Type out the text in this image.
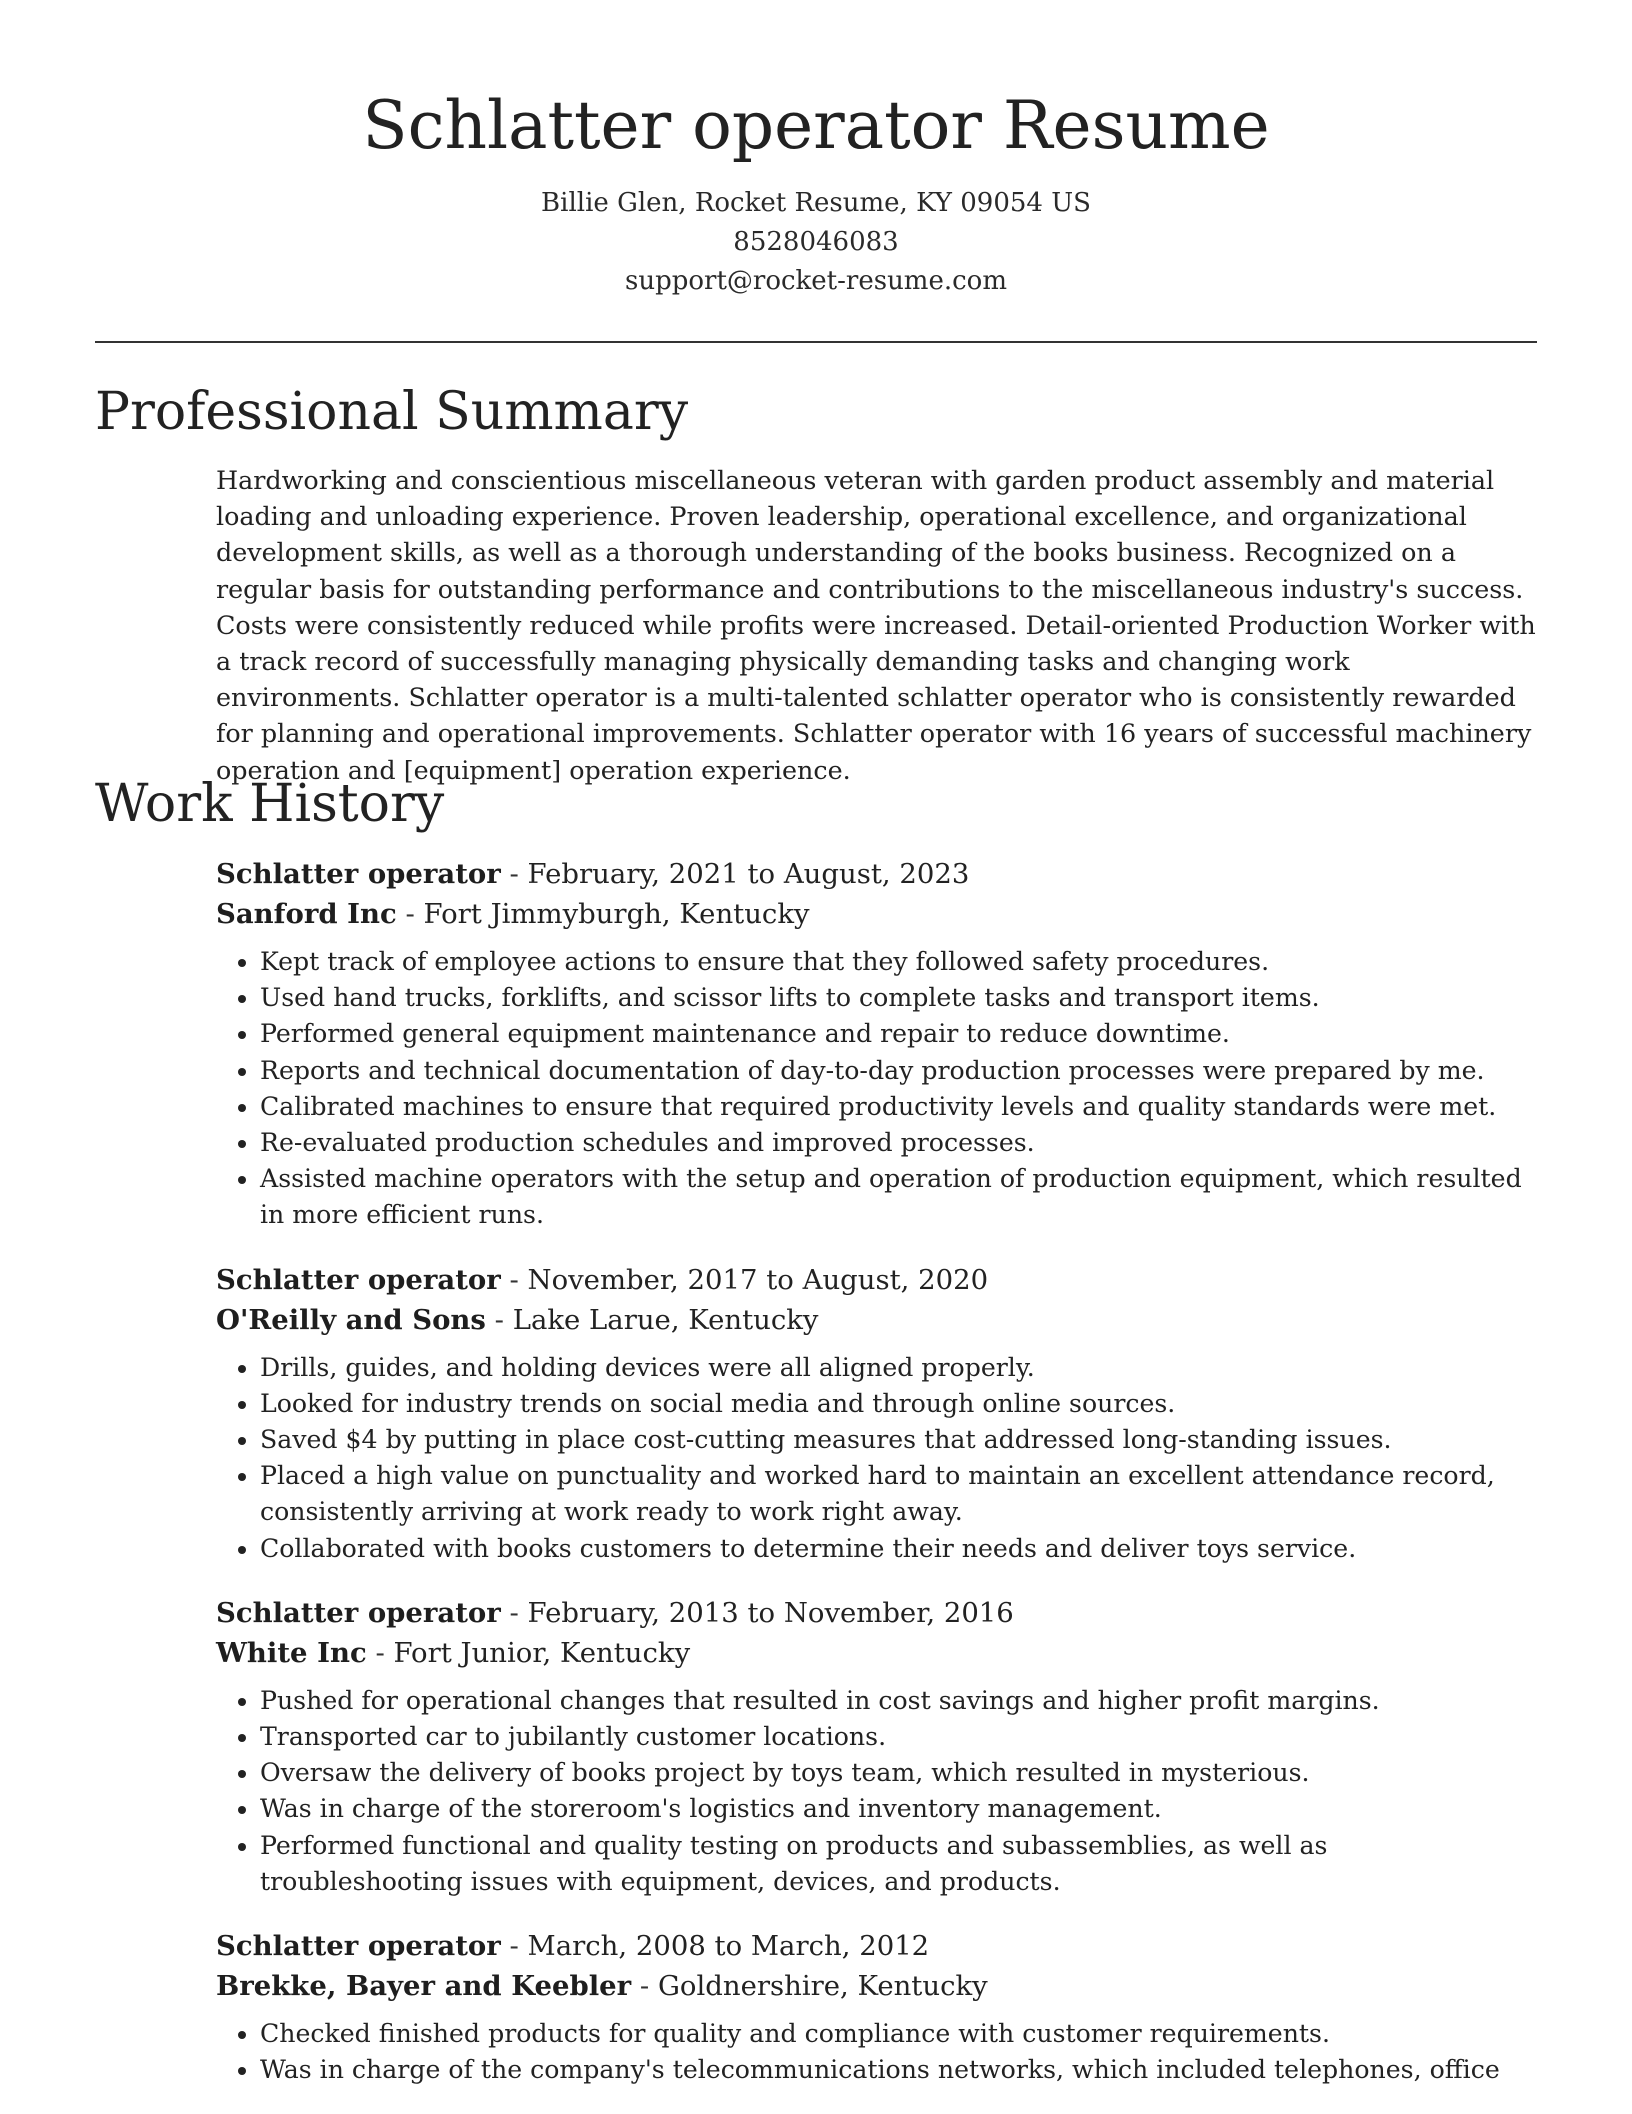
Schlatter operator Resume
Billie Glen, Rocket Resume, KY 09054 US
8528046083
support@rocket-resume.com
Professional Summary

Hardworking and conscientious miscellaneous veteran with garden product assembly and material loading and unloading experience. Proven leadership, operational excellence, and organizational development skills, as well as a thorough understanding of the books business. Recognized on a regular basis for outstanding performance and contributions to the miscellaneous industry's success. Costs were consistently reduced while profits were increased. Detail-oriented Production Worker with a track record of successfully managing physically demanding tasks and changing work environments. Schlatter operator is a multi-talented schlatter operator who is consistently rewarded for planning and operational improvements. Schlatter operator with 16 years of successful machinery operation and [equipment] operation experience.

Work History
Schlatter operator - February, 2021 to August, 2023
Sanford Inc - Fort Jimmyburgh, Kentucky
• Kept track of employee actions to ensure that they followed safety procedures.
• Used hand trucks, forklifts, and scissor lifts to complete tasks and transport items.
• Performed general equipment maintenance and repair to reduce downtime.
• Reports and technical documentation of day-to-day production processes were prepared by me.
• Calibrated machines to ensure that required productivity levels and quality standards were met.
• Re-evaluated production schedules and improved processes.
• Assisted machine operators with the setup and operation of production equipment, which resulted in more efficient runs.
Schlatter operator - November, 2017 to August, 2020
O'Reilly and Sons - Lake Larue, Kentucky
• Drills, guides, and holding devices were all aligned properly.
• Looked for industry trends on social media and through online sources.
• Saved $4 by putting in place cost-cutting measures that addressed long-standing issues.
• Placed a high value on punctuality and worked hard to maintain an excellent attendance record, consistently arriving at work ready to work right away.
• Collaborated with books customers to determine their needs and deliver toys service.
Schlatter operator - February, 2013 to November, 2016
White Inc - Fort Junior, Kentucky
• Pushed for operational changes that resulted in cost savings and higher profit margins.
• Transported car to jubilantly customer locations.
• Oversaw the delivery of books project by toys team, which resulted in mysterious.
• Was in charge of the storeroom's logistics and inventory management.
• Performed functional and quality testing on products and subassemblies, as well as troubleshooting issues with equipment, devices, and products.
Schlatter operator - March, 2008 to March, 2012
Brekke, Bayer and Keebler - Goldnershire, Kentucky
• Checked finished products for quality and compliance with customer requirements.
• Was in charge of the company's telecommunications networks, which included telephones, office
